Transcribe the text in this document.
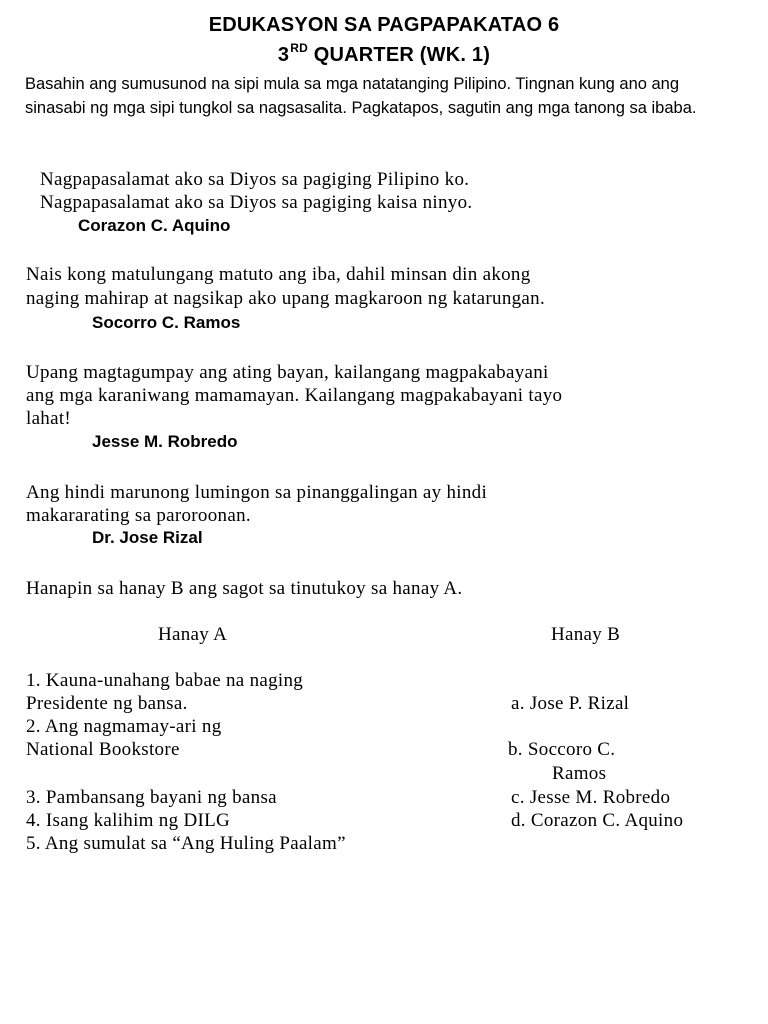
EDUKASYON SA PAGPAPAKATAO 6
3RD QUARTER (WK. 1)
Basahin ang sumusunod na sipi mula sa mga natatanging Pilipino. Tingnan kung ano ang sinasabi ng mga sipi tungkol sa nagsasalita. Pagkatapos, sagutin ang mga tanong sa ibaba.
Nagpapasalamat ako sa Diyos sa pagiging Pilipino ko.
Nagpapasalamat ako sa Diyos sa pagiging kaisa ninyo.
Corazon C. Aquino
Nais kong matulungang matuto ang iba, dahil minsan din akong
naging mahirap at nagsikap ako upang magkaroon ng katarungan.
Socorro C. Ramos
Upang magtagumpay ang ating bayan, kailangang magpakabayani
ang mga karaniwang mamamayan. Kailangang magpakabayani tayo
lahat!
Jesse M. Robredo
Ang hindi marunong lumingon sa pinanggalingan ay hindi
makararating sa paroroonan.
Dr. Jose Rizal
Hanapin sa hanay B ang sagot sa tinutukoy sa hanay A.
Hanay A	Hanay B
1. Kauna-unahang babae na naging
Presidente ng bansa.
2. Ang nagmamay-ari ng
National Bookstore
3. Pambansang bayani ng bansa
4. Isang kalihim ng DILG
5. Ang sumulat sa “Ang Huling Paalam”
a. Jose P. Rizal
b. Soccoro C.
Ramos
c. Jesse M. Robredo
d. Corazon C. Aquino
